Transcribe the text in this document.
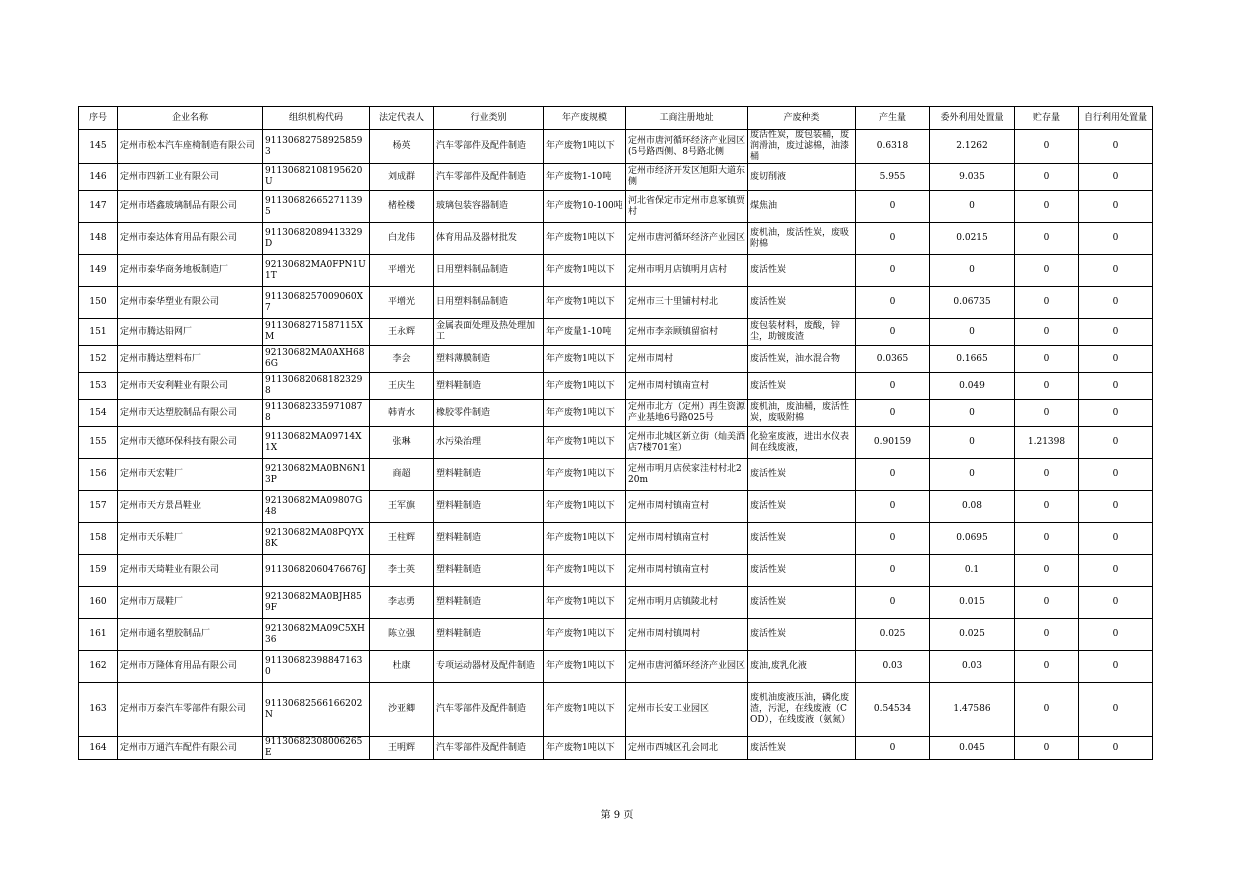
序号	企业名称	组织机构代码	法定代表人	行业类别	年产废规模	工商注册地址	产废种类	产生量	委外利用处置量	贮存量	自行利用处置量
145	定州市松本汽车座椅制造有限公司	911306827589258593	杨英	汽车零部件及配件制造	年产废物1吨以下	定州市唐河循环经济产业园区(5号路西侧、8号路北侧	废活性炭，废包装桶，废润滑油，废过滤棉，油漆桶	0.6318	2.1262	0	0
146	定州市四新工业有限公司	91130682108195620U	刘成群	汽车零部件及配件制造	年产废物1-10吨	定州市经济开发区旭阳大道东侧	废切削液	5.955	9.035	0	0
147	定州市塔鑫玻璃制品有限公司	911306826652711395	楮栓楼	玻璃包装容器制造	年产废物10-100吨	河北省保定市定州市息冢镇贾村	煤焦油	0	0	0	0
148	定州市泰达体育用品有限公司	91130682089413329D	白龙伟	体育用品及器材批发	年产废物1吨以下	定州市唐河循环经济产业园区	废机油，废活性炭，废吸附棉	0	0.0215	0	0
149	定州市泰华商务地板制造厂	92130682MA0FPN1U1T	平增光	日用塑料制品制造	年产废物1吨以下	定州市明月店镇明月店村	废活性炭	0	0	0	0
150	定州市泰华塑业有限公司	91130682570090​60X7	平增光	日用塑料制品制造	年产废物1吨以下	定州市三十里铺村村北	废活性炭	0	0.06735	0	0
151	定州市腾达铅网厂	911306827158711​5XM	王永辉	金属表面处理及热处理加工	年产废量1-10吨	定州市李亲顾镇留宿村	废包装材料，废酸，锌尘，助镀废渣	0	0	0	0
152	定州市腾达塑料布厂	92130682MA0AXH686G	李会	塑料薄膜制造	年产废物1吨以下	定州市周村	废活性炭，油水混合物	0.0365	0.1665	0	0
153	定州市天安利鞋业有限公司	911306820681823298	王庆生	塑料鞋制造	年产废物1吨以下	定州市周村镇南宣村	废活性炭	0	0.049	0	0
154	定州市天达塑胶制品有限公司	911306823359710878	韩青水	橡胶零件制造	年产废物1吨以下	定州市北方（定州）再生资源产业基地6号路025号	废机油，废油桶，废活性炭，废吸附棉	0	0	0	0
155	定州市天德环保科技有限公司	91130682MA09714X1X	张琳	水污染治理	年产废物1吨以下	定州市北城区新立街（灿美酒店7楼701室）	化验室废液，进出水仪表间在线废液，	0.90159	0	1.21398	0
156	定州市天宏鞋厂	92130682MA0BN6N13P	商超	塑料鞋制造	年产废物1吨以下	定州市明月店侯家洼村村北220m	废活性炭	0	0	0	0
157	定州市天方景昌鞋业	92130682MA09807G48	王军旗	塑料鞋制造	年产废物1吨以下	定州市周村镇南宣村	废活性炭	0	0.08	0	0
158	定州市天乐鞋厂	92130682MA08PQYX8K	王柱辉	塑料鞋制造	年产废物1吨以下	定州市周村镇南宣村	废活性炭	0	0.0695	0	0
159	定州市天琦鞋业有限公司	91130682060476676J	李士英	塑料鞋制造	年产废物1吨以下	定州市周村镇南宣村	废活性炭	0	0.1	0	0
160	定州市万晟鞋厂	92130682MA0BJH859F	李志勇	塑料鞋制造	年产废物1吨以下	定州市明月店镇陵北村	废活性炭	0	0.015	0	0
161	定州市通名塑胶制品厂	92130682MA09C5XH36	陈立强	塑料鞋制造	年产废物1吨以下	定州市周村镇周村	废活性炭	0.025	0.025	0	0
162	定州市万隆体育用品有限公司	911306823988471630	杜康	专项运动器材及配件制造	年产废物1吨以下	定州市唐河循环经济产业园区	废油,废乳化液	0.03	0.03	0	0
163	定州市万泰汽车零部件有限公司	91130682566166202N	沙亚卿	汽车零部件及配件制造	年产废物1吨以下	定州市长安工业园区	废机油废液压油，磷化废渣，污泥，在线废液（COD），在线废液（氨氮）	0.54534	1.47586	0	0
164	定州市万通汽车配件有限公司	911306823080062​65E	王明辉	汽车零部件及配件制造	年产废物1吨以下	定州市西城区孔会同北	废活性炭	0	0.045	0	0
第 9 页
